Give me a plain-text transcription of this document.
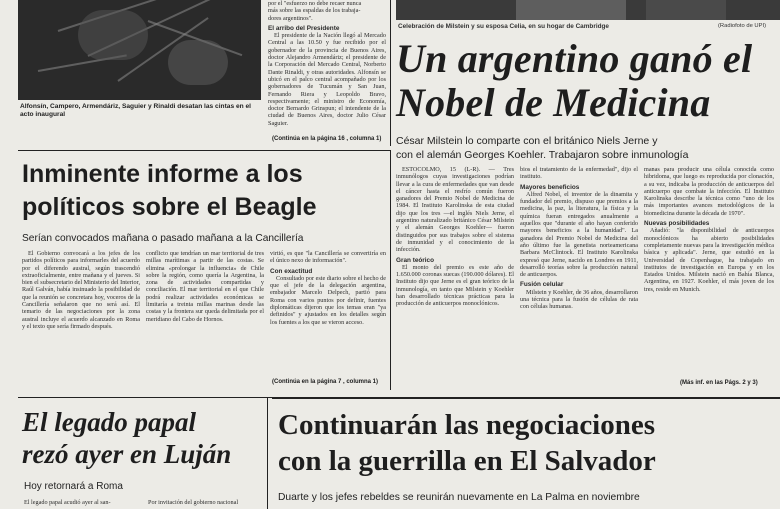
Alfonsín, Campero, Armendáriz, Saguier y Rinaldi desatan las cintas en el acto inaugural

por el "esfuerzo no debe recaer nunca

más sobre las espaldas de los trabaja-

dores argentinos".

El arribo del Presidente

El presidente de la Nación llegó al Mercado Central a las 10.50 y fue recibido por el gobernador de la provincia de Buenos Aires, doctor Alejandro Armendáriz; el presidente de la Corporación del Mercado Central, Norberto Dante Rinaldi, y otras autoridades. Alfonsín se ubicó en el palco central acompañado por los gobernadores de Tucumán y San Juan, Fernando Riera y Leopoldo Bravo, respectivamente; el ministro de Economía, doctor Bernardo Grinspun; el intendente de la ciudad de Buenos Aires, doctor Julio César Saguier.

(Continúa en la página 16 , columna 1)
Celebración de Milstein y su esposa Celia, en su hogar de Cambridge	(Radiofoto de UPI)
Un argentino ganó el
Nobel de Medicina
César Milstein lo comparte con el británico Niels Jerne y
con el alemán Georges Koehler. Trabajaron sobre inmunología

ESTOCOLMO, 15 (L-R). — Tres inmunólogos cuyas investigaciones podrían llevar a la cura de enfermedades que van desde el cáncer hasta el resfrío común fueron ganadores del Premio Nobel de Medicina de 1984. El Instituto Karolinska de esta ciudad dijo que los tres —el inglés Niels Jerne, el argentino naturalizado británico César Milstein y el alemán Georges Koehler— fueron distinguidos por sus trabajos sobre el sistema de inmunidad y el conocimiento de la infección.

Gran teórico

El monto del premio es este año de 1.650.000 coronas suecas (190.000 dólares). El Instituto dijo que Jerne es el gran teórico de la inmunología, en tanto que Milstein y Koehler han desarrollado técnicas prácticas para la producción de anticuerpos monoclónicos.

bios el tratamiento de la enfermedad", dijo el instituto.

Mayores beneficios

Alfred Nobel, el inventor de la dinamita y fundador del premio, dispuso que premios a la medicina, la paz, la literatura, la física y la química fueran entregados anualmente a aquellos que "durante el año hayan conferido mayores beneficios a la humanidad". La ganadora del Premio Nobel de Medicina del año último fue la genetista norteamericana Barbara McClintock. El Instituto Karolinska expresó que Jerne, nacido en Londres en 1911, desarrolló teorías sobre la producción natural de anticuerpos.

Fusión celular

Milstein y Koehler, de 36 años, desarrollaron una técnica para la fusión de células de rata con células humanas.

manas para producir una célula conocida como hibridoma, que luego es reproducida por clonación, a su vez, indicaba la producción de anticuerpos del anticuerpo que combate la infección. El Instituto Karolinska describe la técnica como "uno de los más importantes avances metodológicos de la biomedicina durante la década de 1970".

Nuevas posibilidades

Añadió: "la disponibilidad de anticuerpos monoclónicos ha abierto posibilidades completamente nuevas para la investigación médica básica y aplicada". Jerne, que estudió en la Universidad de Copenhague, ha trabajado en institutos de investigación en Europa y en los Estados Unidos. Milstein nació en Bahía Blanca, Argentina, en 1927. Koehler, el más joven de los tres, reside en Munich.

(Más inf. en las Págs. 2 y 3)
Inminente informe a los
políticos sobre el Beagle
Serían convocados mañana o pasado mañana a la Cancillería

El Gobierno convocará a los jefes de los partidos políticos para informarles del acuerdo por el diferendo austral, según trascendió extraoficialmente, entre mañana y el jueves. Si bien el subsecretario del Ministerio del Interior, Raúl Galván, había insinuado la posibilidad de que la reunión se concretara hoy, voceros de la Cancillería señalaron que no será así. El temario de las negociaciones por la zona austral incluye el acuerdo alcanzado en Roma y el texto que sería firmado después.

conflicto que tendrían un mar territorial de tres millas marítimas a partir de las costas. Se elimina «prolongar la influencia» de Chile sobre la región, como quería la Argentina, la zona de actividades compartidas y conciliación. El mar territorial en el que Chile podrá realizar actividades económicas se limitaría a treinta millas marinas desde las costas y la frontera sur queda delimitada por el meridiano del Cabo de Hornos.

virtió, es que "la Cancillería se convertiría en el único nexo de información".

Con exactitud

Consultado por este diario sobre el hecho de que el jefe de la delegación argentina, embajador Marcelo Delpech, partió para Roma con varios puntos por definir, fuentes diplomáticas dijeron que los temas eran "ya definidos" y ajustados en los detalles según los fuentes a los que se vieron acceso.

(Continúa en la página 7 , columna 1)
El legado papal
rezó ayer en Luján
Hoy retornará a Roma
El legado papal acudió ayer al san-	Por invitación del gobierno nacional
Continuarán las negociaciones
con la guerrilla en El Salvador
Duarte y los jefes rebeldes se reunirán nuevamente en La Palma en noviembre
